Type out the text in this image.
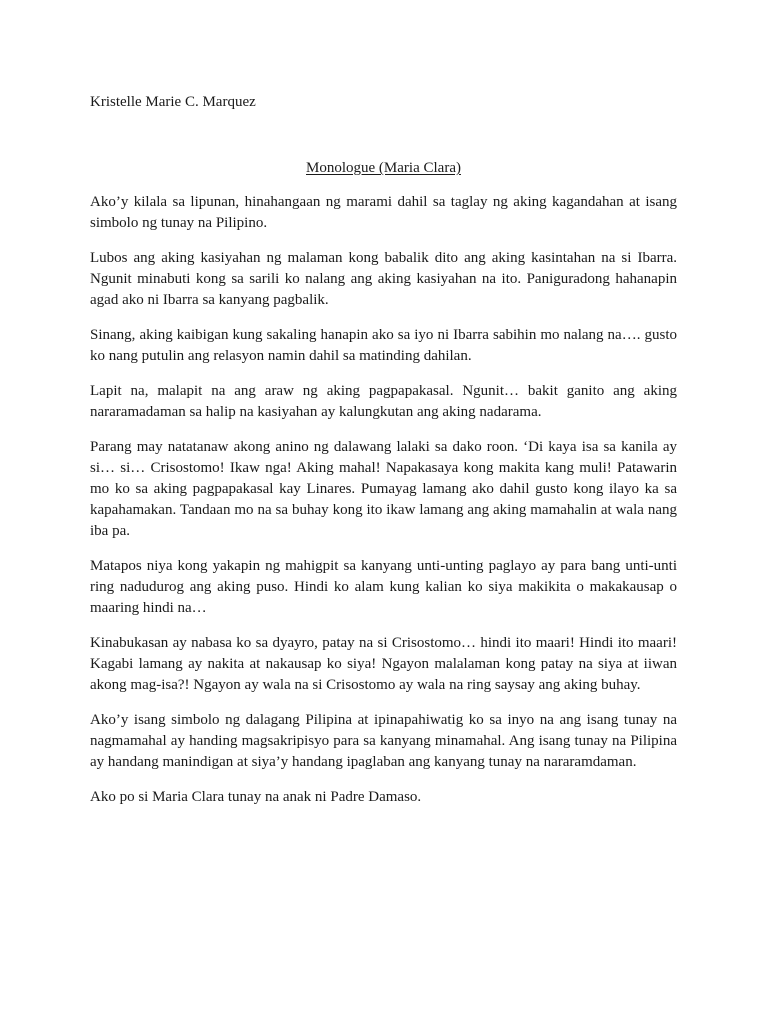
Kristelle Marie C. Marquez

Monologue (Maria Clara)

Ako’y kilala sa lipunan, hinahangaan ng marami dahil sa taglay ng aking kagandahan at isang simbolo ng tunay na Pilipino.

Lubos ang aking kasiyahan ng malaman kong babalik dito ang aking kasintahan na si Ibarra. Ngunit minabuti kong sa sarili ko nalang ang aking kasiyahan na ito. Paniguradong hahanapin agad ako ni Ibarra sa kanyang pagbalik.

Sinang, aking kaibigan kung sakaling hanapin ako sa iyo ni Ibarra sabihin mo nalang na…. gusto ko nang putulin ang relasyon namin dahil sa matinding dahilan.

Lapit na, malapit na ang araw ng aking pagpapakasal. Ngunit… bakit ganito ang aking nararamadaman sa halip na kasiyahan ay kalungkutan ang aking nadarama.

Parang may natatanaw akong anino ng dalawang lalaki sa dako roon. ‘Di kaya isa sa kanila ay si… si… Crisostomo! Ikaw nga! Aking mahal! Napakasaya kong makita kang muli! Patawarin mo ko sa aking pagpapakasal kay Linares. Pumayag lamang ako dahil gusto kong ilayo ka sa kapahamakan. Tandaan mo na sa buhay kong ito ikaw lamang ang aking mamahalin at wala nang iba pa.

Matapos niya kong yakapin ng mahigpit sa kanyang unti-unting paglayo ay para bang unti-unti ring nadudurog ang aking puso. Hindi ko alam kung kalian ko siya makikita o makakausap o maaring hindi na…

Kinabukasan ay nabasa ko sa dyayro, patay na si Crisostomo… hindi ito maari! Hindi ito maari! Kagabi lamang ay nakita at nakausap ko siya! Ngayon malalaman kong patay na siya at iiwan akong mag-isa?! Ngayon ay wala na si Crisostomo ay wala na ring saysay ang aking buhay.

Ako’y isang simbolo ng dalagang Pilipina at ipinapahiwatig ko sa inyo na ang isang tunay na nagmamahal ay handing magsakripisyo para sa kanyang minamahal. Ang isang tunay na Pilipina ay handang manindigan at siya’y handang ipaglaban ang kanyang tunay na nararamdaman.

Ako po si Maria Clara tunay na anak ni Padre Damaso.
